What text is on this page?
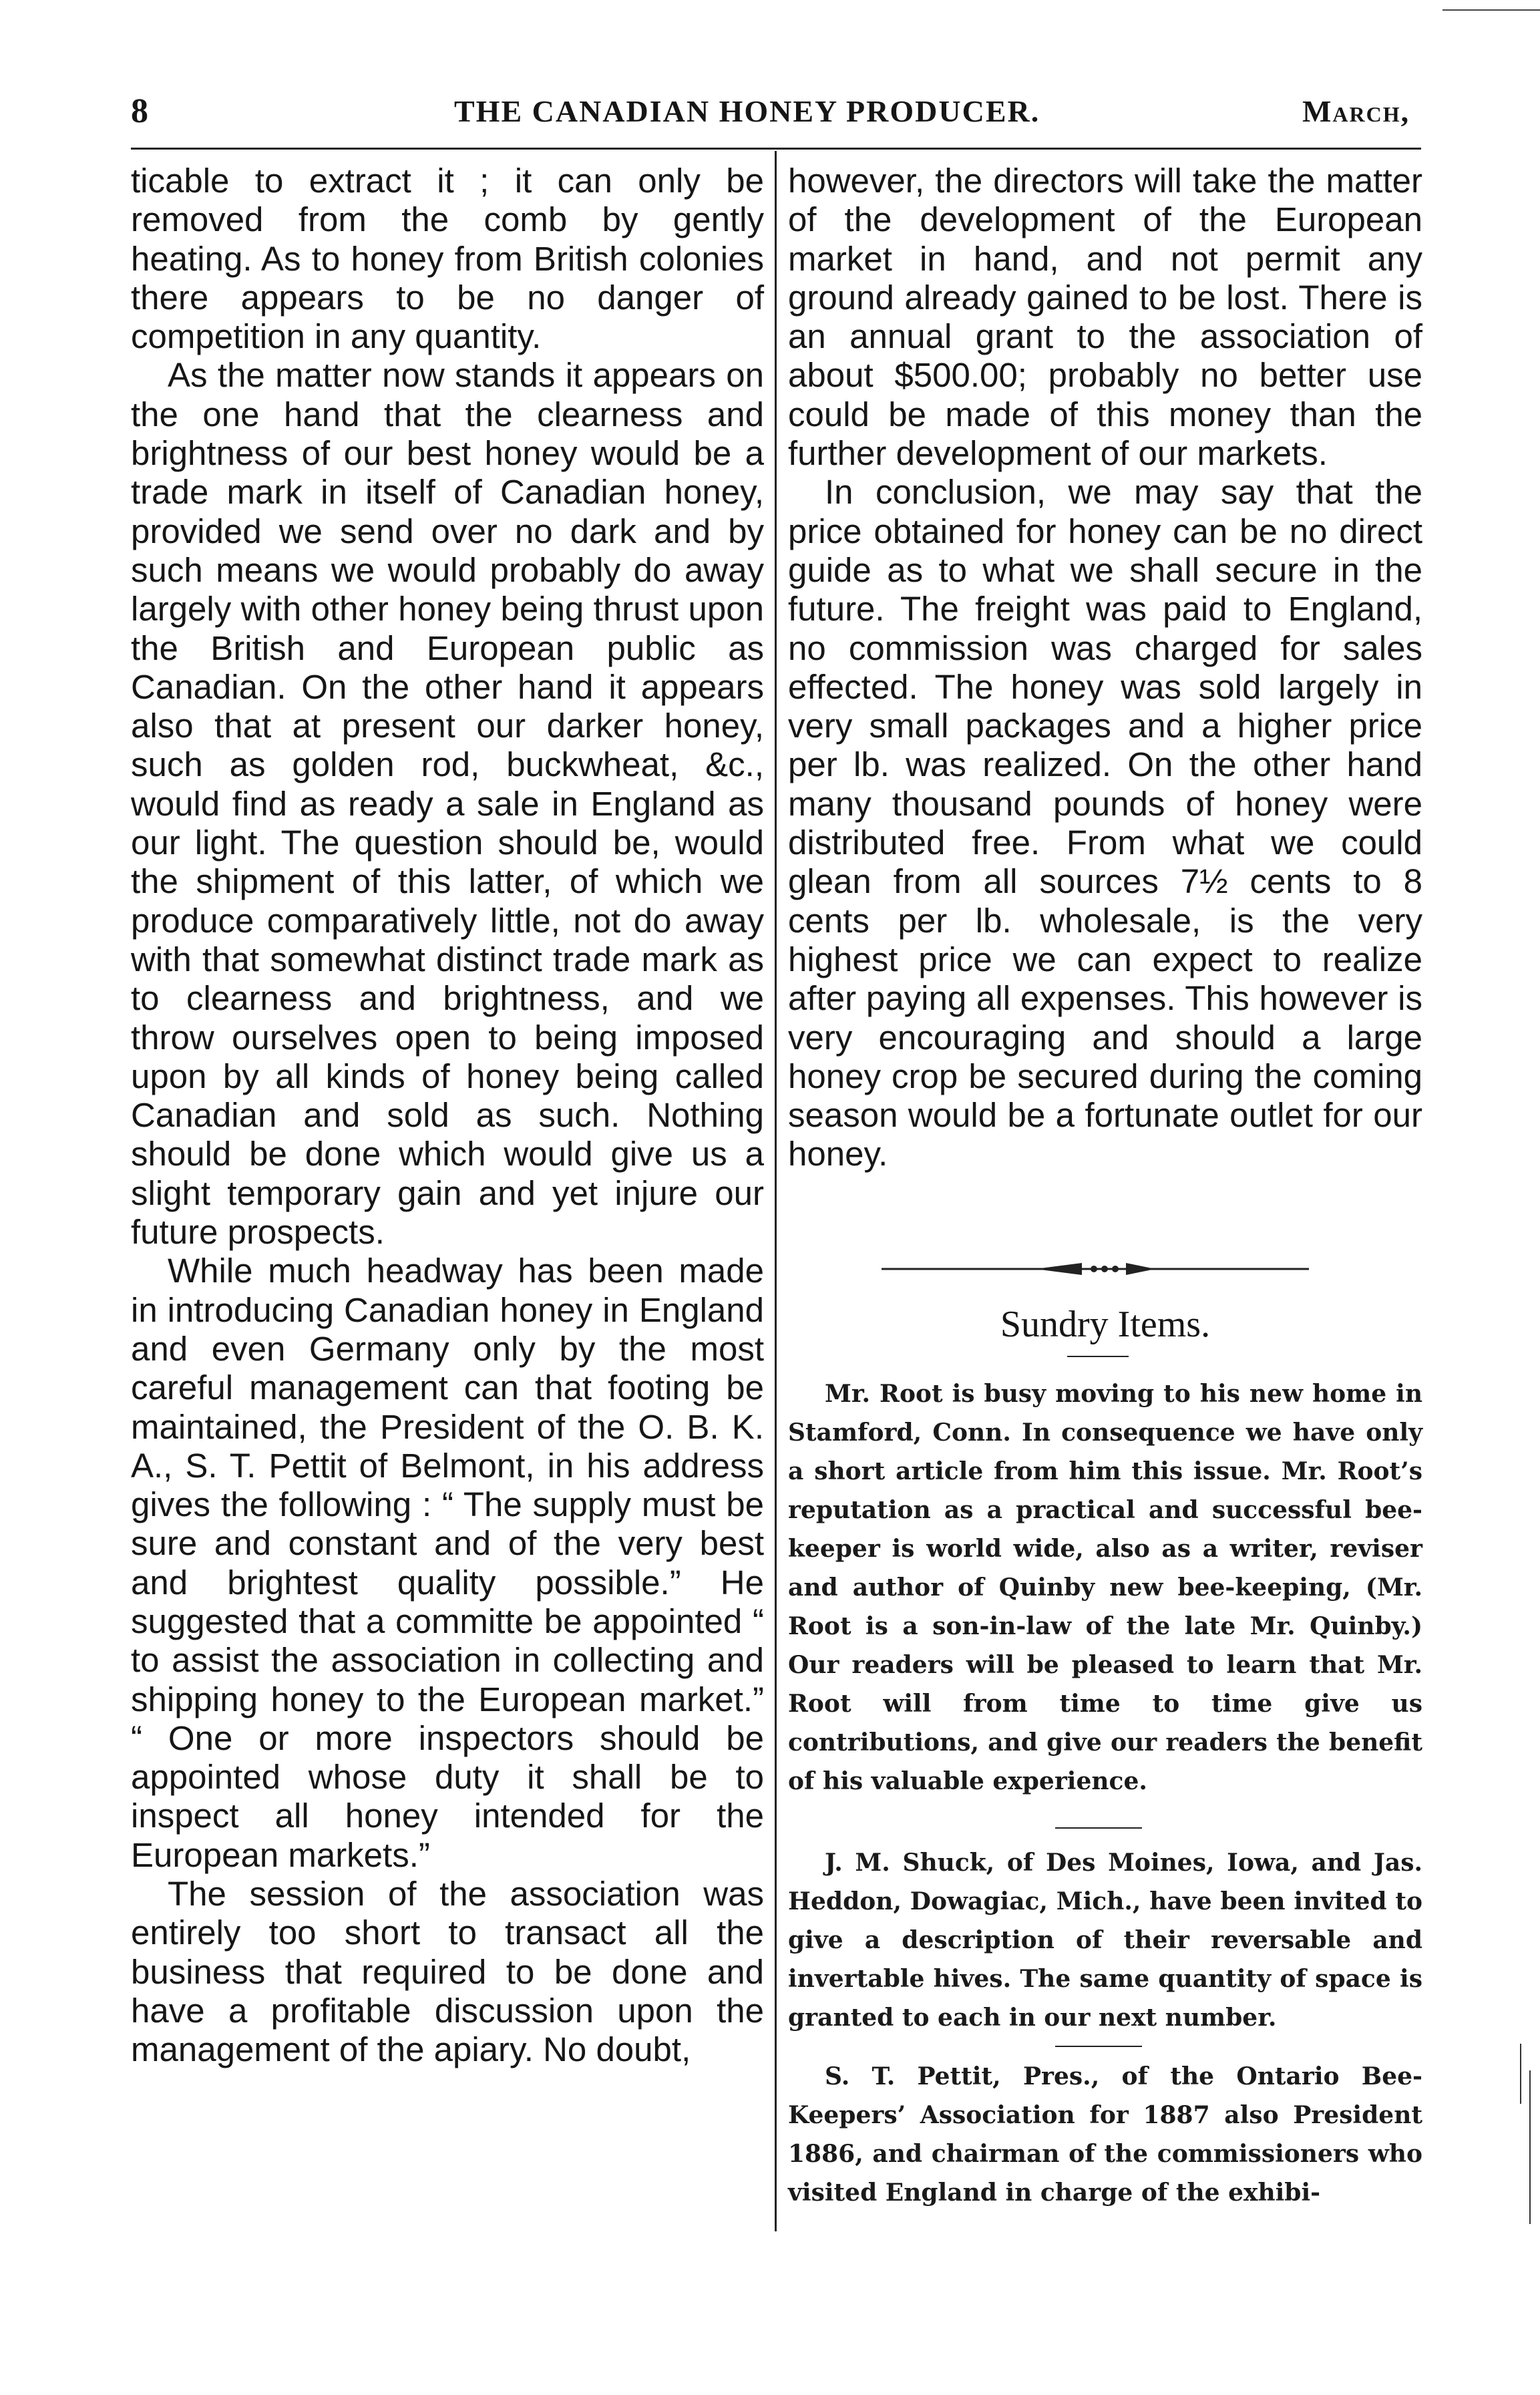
8	THE CANADIAN HONEY PRODUCER.	March,

ticable to extract it ; it can only be removed from the comb by gently heating. As to honey from British colonies there appears to be no danger of competition in any quantity.

As the matter now stands it appears on the one hand that the clearness and brightness of our best honey would be a trade mark in itself of Canadian honey, provided we send over no dark and by such means we would probably do away largely with other honey being thrust upon the British and European public as Canadian. On the other hand it appears also that at present our darker honey, such as golden rod, buckwheat, &c., would find as ready a sale in England as our light. The question should be, would the shipment of this latter, of which we produce comparatively little, not do away with that somewhat distinct trade mark as to clearness and brightness, and we throw ourselves open to being imposed upon by all kinds of honey being called Canadian and sold as such. Nothing should be done which would give us a slight temporary gain and yet injure our future prospects.

While much headway has been made in introducing Canadian honey in England and even Germany only by the most careful management can that footing be maintained, the President of the O. B. K. A., S. T. Pettit of Belmont, in his address gives the following : “ The supply must be sure and constant and of the very best and brightest quality possible.” He suggested that a committe be appointed “ to assist the association in collecting and shipping honey to the European market.” “ One or more inspectors should be appointed whose duty it shall be to inspect all honey intended for the European markets.”

The session of the association was entirely too short to transact all the business that required to be done and have a profitable discussion upon the management of the apiary. No doubt,

however, the directors will take the matter of the development of the European market in hand, and not permit any ground already gained to be lost. There is an annual grant to the association of about $500.00; probably no better use could be made of this money than the further development of our markets.

In conclusion, we may say that the price obtained for honey can be no direct guide as to what we shall secure in the future. The freight was paid to England, no commission was charged for sales effected. The honey was sold largely in very small packages and a higher price per lb. was realized. On the other hand many thousand pounds of honey were distributed free. From what we could glean from all sources 7½ cents to 8 cents per lb. wholesale, is the very highest price we can expect to realize after paying all expenses. This however is very encouraging and should a large honey crop be secured during the coming season would be a fortunate outlet for our honey.

Sundry Items.

Mr. Root is busy moving to his new home in Stamford, Conn. In consequence we have only a short article from him this issue. Mr. Root’s reputation as a practical and successful bee-keeper is world wide, also as a writer, reviser and author of Quinby new bee-keeping, (Mr. Root is a son-in-law of the late Mr. Quinby.) Our readers will be pleased to learn that Mr. Root will from time to time give us contributions, and give our readers the benefit of his valuable experience.

J. M. Shuck, of Des Moines, Iowa, and Jas. Heddon, Dowagiac, Mich., have been invited to give a description of their reversable and invertable hives. The same quantity of space is granted to each in our next number.

S. T. Pettit, Pres., of the Ontario Bee-Keepers’ Association for 1887 also President 1886, and chairman of the commissioners who visited England in charge of the exhibi-
